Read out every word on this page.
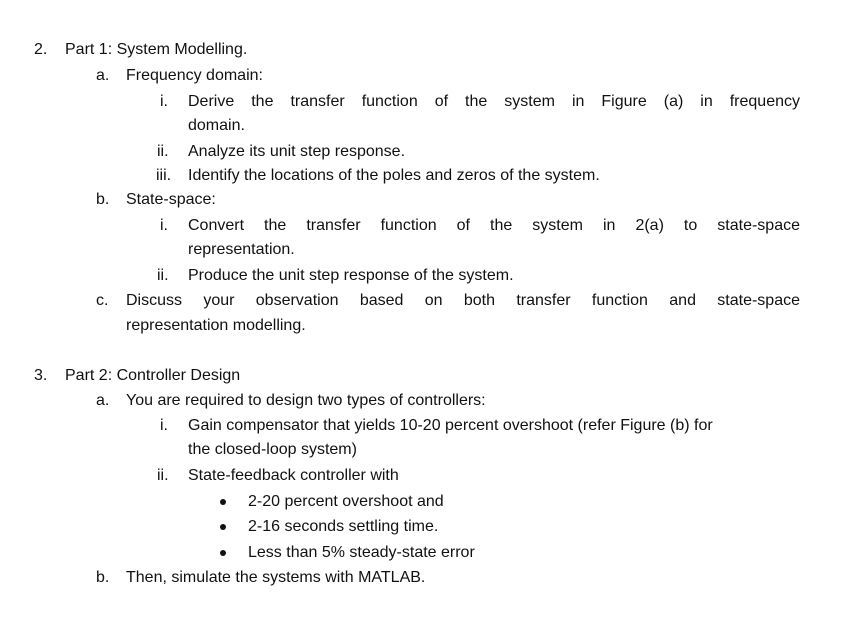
2. Part 1: System Modelling.
a. Frequency domain:
i. Derive the transfer function of the system in Figure (a) in frequency
domain.
ii. Analyze its unit step response.
iii. Identify the locations of the poles and zeros of the system.
b. State-space:
i. Convert the transfer function of the system in 2(a) to state-space
representation.
ii. Produce the unit step response of the system.
c. Discuss your observation based on both transfer function and state-space
representation modelling.
3. Part 2: Controller Design
a. You are required to design two types of controllers:
i. Gain compensator that yields 10-20 percent overshoot (refer Figure (b) for
the closed-loop system)
ii. State-feedback controller with
2-20 percent overshoot and
2-16 seconds settling time.
Less than 5% steady-state error
b. Then, simulate the systems with MATLAB.
